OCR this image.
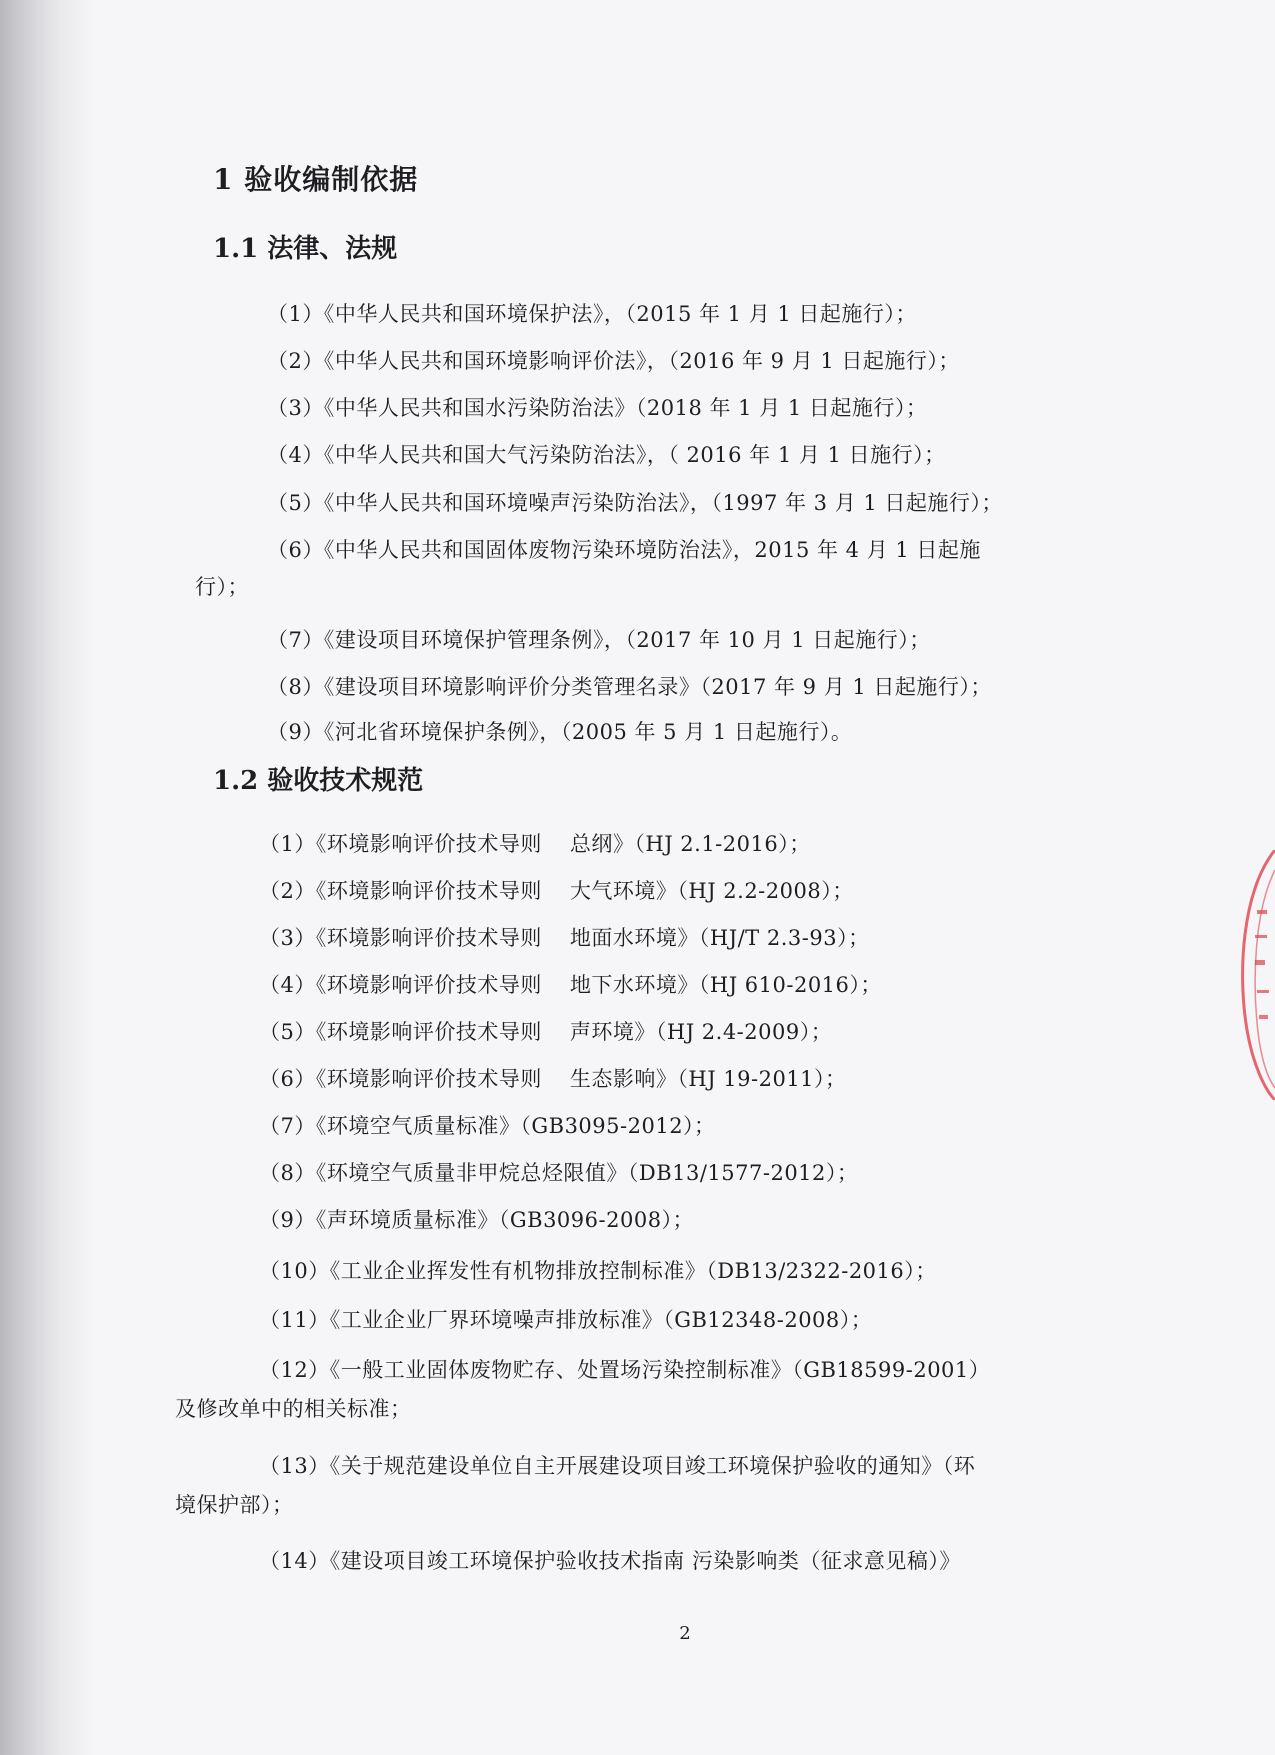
1 验收编制依据
1.1 法律、法规
（1）《中华人民共和国环境保护法》，（2015 年 1 月 1 日起施行）；
（2）《中华人民共和国环境影响评价法》，（2016 年 9 月 1 日起施行）；
（3）《中华人民共和国水污染防治法》（2018 年 1 月 1 日起施行）；
（4）《中华人民共和国大气污染防治法》，（ 2016 年 1 月 1 日施行）；
（5）《中华人民共和国环境噪声污染防治法》，（1997 年 3 月 1 日起施行）；
（6）《中华人民共和国固体废物污染环境防治法》，2015 年 4 月 1 日起施
行）；
（7）《建设项目环境保护管理条例》，（2017 年 10 月 1 日起施行）；
（8）《建设项目环境影响评价分类管理名录》（2017 年 9 月 1 日起施行）；
（9）《河北省环境保护条例》，（2005 年 5 月 1 日起施行）。
1.2 验收技术规范
（1）《环境影响评价技术导则 总纲》（HJ 2.1-2016）；
（2）《环境影响评价技术导则 大气环境》（HJ 2.2-2008）；
（3）《环境影响评价技术导则 地面水环境》（HJ/T 2.3-93）；
（4）《环境影响评价技术导则 地下水环境》（HJ 610-2016）；
（5）《环境影响评价技术导则 声环境》（HJ 2.4-2009）；
（6）《环境影响评价技术导则 生态影响》（HJ 19-2011）；
（7）《环境空气质量标准》（GB3095-2012）；
（8）《环境空气质量非甲烷总烃限值》（DB13/1577-2012）；
（9）《声环境质量标准》（GB3096-2008）；
（10）《工业企业挥发性有机物排放控制标准》（DB13/2322-2016）；
（11）《工业企业厂界环境噪声排放标准》（GB12348-2008）；
（12）《一般工业固体废物贮存、处置场污染控制标准》（GB18599-2001）
及修改单中的相关标准；
（13）《关于规范建设单位自主开展建设项目竣工环境保护验收的通知》（环
境保护部）；
（14）《建设项目竣工环境保护验收技术指南 污染影响类（征求意见稿）》
2
